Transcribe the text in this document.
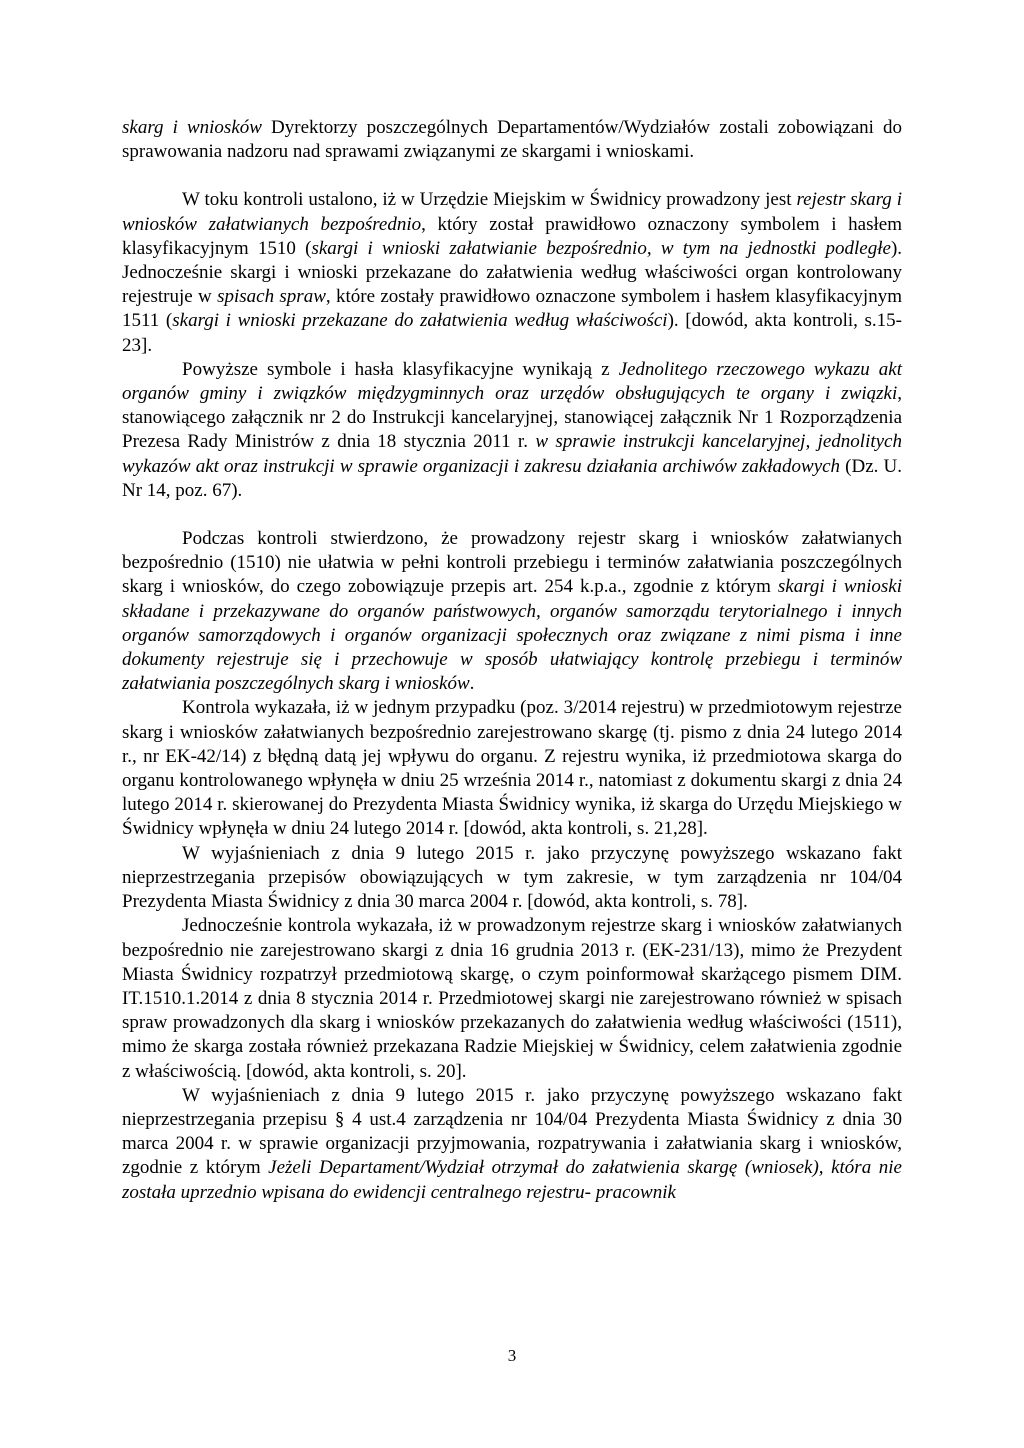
skarg i wniosków Dyrektorzy poszczególnych Departamentów/Wydziałów zostali zobowiązani do sprawowania nadzoru nad sprawami związanymi ze skargami i wnioskami.

W toku kontroli ustalono, iż w Urzędzie Miejskim w Świdnicy prowadzony jest rejestr skarg i wniosków załatwianych bezpośrednio, który został prawidłowo oznaczony symbolem i hasłem klasyfikacyjnym 1510 (skargi i wnioski załatwianie bezpośrednio, w tym na jednostki podległe). Jednocześnie skargi i wnioski przekazane do załatwienia według właściwości organ kontrolowany rejestruje w spisach spraw, które zostały prawidłowo oznaczone symbolem i hasłem klasyfikacyjnym 1511 (skargi i wnioski przekazane do załatwienia według właściwości). [dowód, akta kontroli, s.15-23].

Powyższe symbole i hasła klasyfikacyjne wynikają z Jednolitego rzeczowego wykazu akt organów gminy i związków międzygminnych oraz urzędów obsługujących te organy i związki, stanowiącego załącznik nr 2 do Instrukcji kancelaryjnej, stanowiącej załącznik Nr 1 Rozporządzenia Prezesa Rady Ministrów z dnia 18 stycznia 2011 r. w sprawie instrukcji kancelaryjnej, jednolitych wykazów akt oraz instrukcji w sprawie organizacji i zakresu działania archiwów zakładowych (Dz. U. Nr 14, poz. 67).

Podczas kontroli stwierdzono, że prowadzony rejestr skarg i wniosków załatwianych bezpośrednio (1510) nie ułatwia w pełni kontroli przebiegu i terminów załatwiania poszczególnych skarg i wniosków, do czego zobowiązuje przepis art. 254 k.p.a., zgodnie z którym skargi i wnioski składane i przekazywane do organów państwowych, organów samorządu terytorialnego i innych organów samorządowych i organów organizacji społecznych oraz związane z nimi pisma i inne dokumenty rejestruje się i przechowuje w sposób ułatwiający kontrolę przebiegu i terminów załatwiania poszczególnych skarg i wniosków.

Kontrola wykazała, iż w jednym przypadku (poz. 3/2014 rejestru) w przedmiotowym rejestrze skarg i wniosków załatwianych bezpośrednio zarejestrowano skargę (tj. pismo z dnia 24 lutego 2014 r., nr EK-42/14) z błędną datą jej wpływu do organu. Z rejestru wynika, iż przedmiotowa skarga do organu kontrolowanego wpłynęła w dniu 25 września 2014 r., natomiast z dokumentu skargi z dnia 24 lutego 2014 r. skierowanej do Prezydenta Miasta Świdnicy wynika, iż skarga do Urzędu Miejskiego w Świdnicy wpłynęła w dniu 24 lutego 2014 r. [dowód, akta kontroli, s. 21,28].

W wyjaśnieniach z dnia 9 lutego 2015 r. jako przyczynę powyższego wskazano fakt nieprzestrzegania przepisów obowiązujących w tym zakresie, w tym zarządzenia nr 104/04 Prezydenta Miasta Świdnicy z dnia 30 marca 2004 r. [dowód, akta kontroli, s. 78].

Jednocześnie kontrola wykazała, iż w prowadzonym rejestrze skarg i wniosków załatwianych bezpośrednio nie zarejestrowano skargi z dnia 16 grudnia 2013 r. (EK-231/13), mimo że Prezydent Miasta Świdnicy rozpatrzył przedmiotową skargę, o czym poinformował skarżącego pismem DIM. IT.1510.1.2014 z dnia 8 stycznia 2014 r. Przedmiotowej skargi nie zarejestrowano również w spisach spraw prowadzonych dla skarg i wniosków przekazanych do załatwienia według właściwości (1511), mimo że skarga została również przekazana Radzie Miejskiej w Świdnicy, celem załatwienia zgodnie z właściwością. [dowód, akta kontroli, s. 20].

W wyjaśnieniach z dnia 9 lutego 2015 r. jako przyczynę powyższego wskazano fakt nieprzestrzegania przepisu § 4 ust.4 zarządzenia nr 104/04 Prezydenta Miasta Świdnicy z dnia 30 marca 2004 r. w sprawie organizacji przyjmowania, rozpatrywania i załatwiania skarg i wniosków, zgodnie z którym Jeżeli Departament/Wydział otrzymał do załatwienia skargę (wniosek), która nie została uprzednio wpisana do ewidencji centralnego rejestru- pracownik

3
